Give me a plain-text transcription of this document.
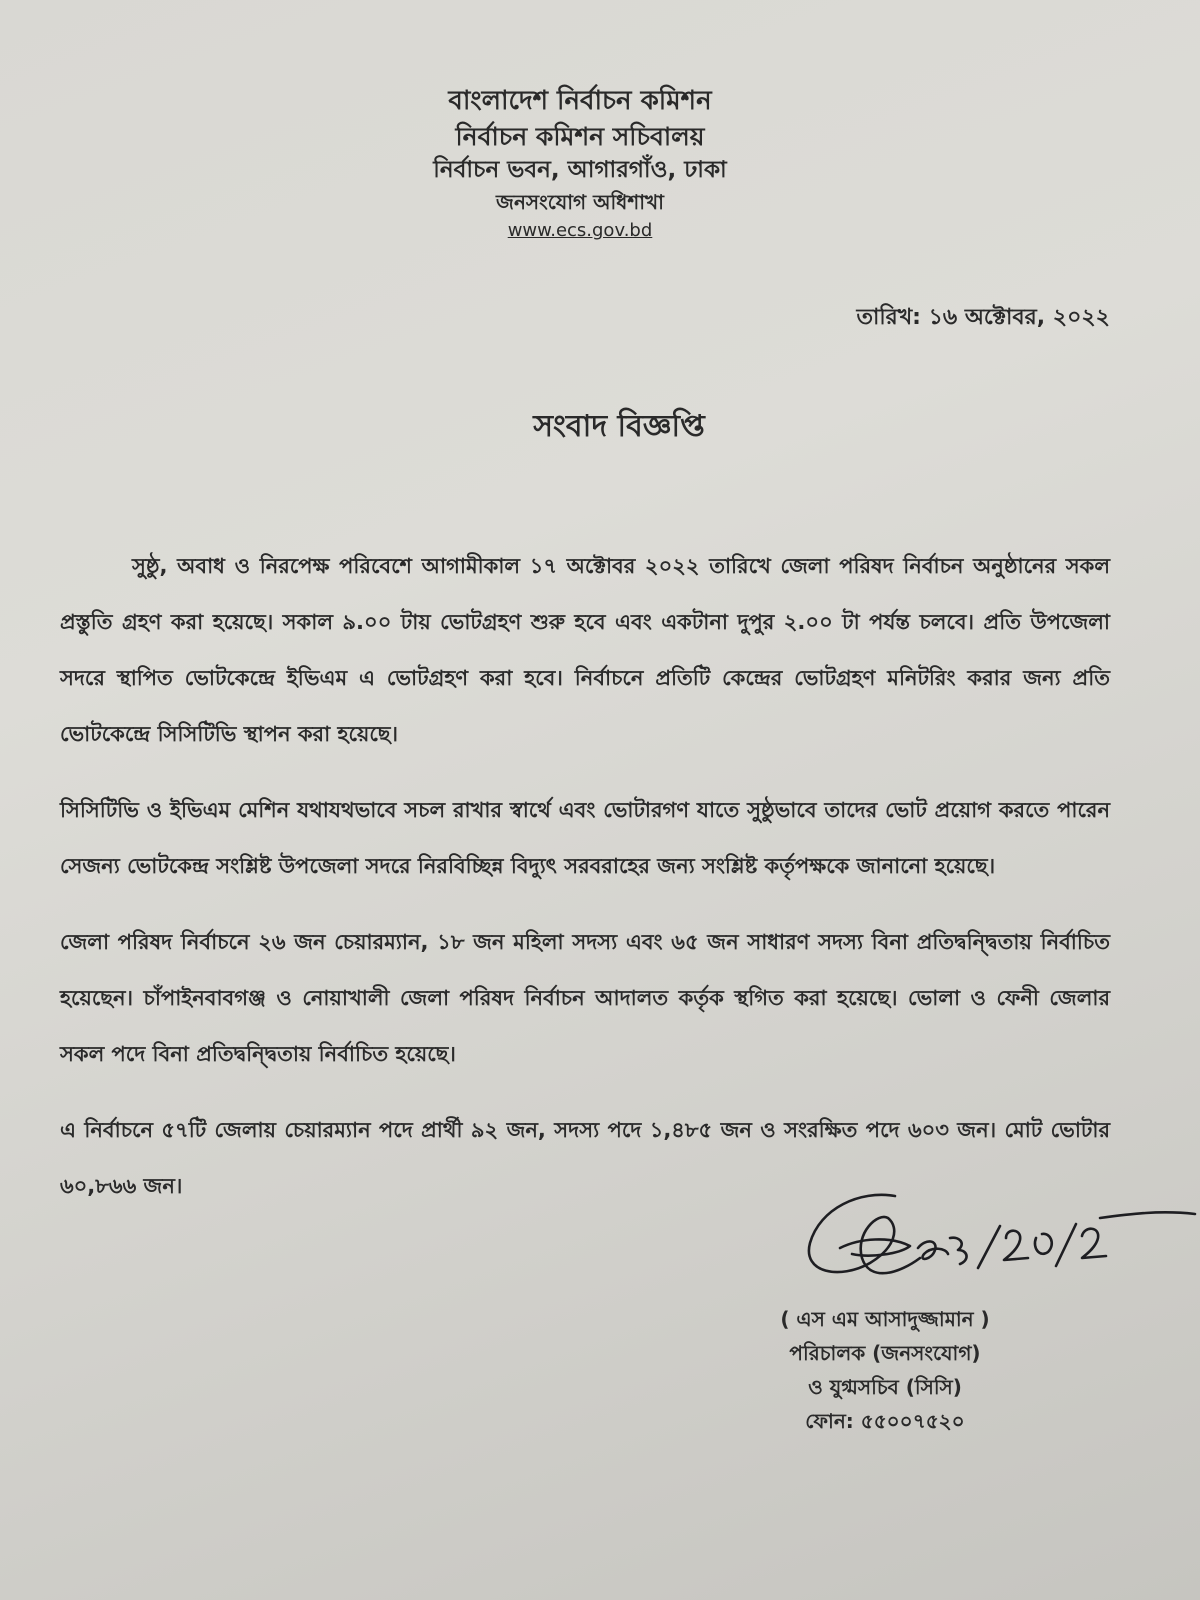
বাংলাদেশ নির্বাচন কমিশন
নির্বাচন কমিশন সচিবালয়
নির্বাচন ভবন, আগারগাঁও, ঢাকা
জনসংযোগ অধিশাখা
www.ecs.gov.bd
তারিখ: ১৬ অক্টোবর, ২০২২
সংবাদ বিজ্ঞপ্তি

সুষ্ঠু, অবাধ ও নিরপেক্ষ পরিবেশে আগামীকাল ১৭ অক্টোবর ২০২২ তারিখে জেলা পরিষদ নির্বাচন অনুষ্ঠানের সকল প্রস্তুতি গ্রহণ করা হয়েছে। সকাল ৯.০০ টায় ভোটগ্রহণ শুরু হবে এবং একটানা দুপুর ২.০০ টা পর্যন্ত চলবে। প্রতি উপজেলা সদরে স্থাপিত ভোটকেন্দ্রে ইভিএম এ ভোটগ্রহণ করা হবে। নির্বাচনে প্রতিটি কেন্দ্রের ভোটগ্রহণ মনিটরিং করার জন্য প্রতি ভোটকেন্দ্রে সিসিটিভি স্থাপন করা হয়েছে।

সিসিটিভি ও ইভিএম মেশিন যথাযথভাবে সচল রাখার স্বার্থে এবং ভোটারগণ যাতে সুষ্ঠুভাবে তাদের ভোট প্রয়োগ করতে পারেন সেজন্য ভোটকেন্দ্র সংশ্লিষ্ট উপজেলা সদরে নিরবিচ্ছিন্ন বিদ্যুৎ সরবরাহের জন্য সংশ্লিষ্ট কর্তৃপক্ষকে জানানো হয়েছে।

জেলা পরিষদ নির্বাচনে ২৬ জন চেয়ারম্যান, ১৮ জন মহিলা সদস্য এবং ৬৫ জন সাধারণ সদস্য বিনা প্রতিদ্বন্দ্বিতায় নির্বাচিত হয়েছেন। চাঁপাইনবাবগঞ্জ ও নোয়াখালী জেলা পরিষদ নির্বাচন আদালত কর্তৃক স্থগিত করা হয়েছে। ভোলা ও ফেনী জেলার সকল পদে বিনা প্রতিদ্বন্দ্বিতায় নির্বাচিত হয়েছে।

এ নির্বাচনে ৫৭টি জেলায় চেয়ারম্যান পদে প্রার্থী ৯২ জন, সদস্য পদে ১,৪৮৫ জন ও সংরক্ষিত পদে ৬০৩ জন। মোট ভোটার ৬০,৮৬৬ জন।

( এস এম আসাদুজ্জামান )
পরিচালক (জনসংযোগ)
ও যুগ্মসচিব (সিসি)
ফোন: ৫৫০০৭৫২০
